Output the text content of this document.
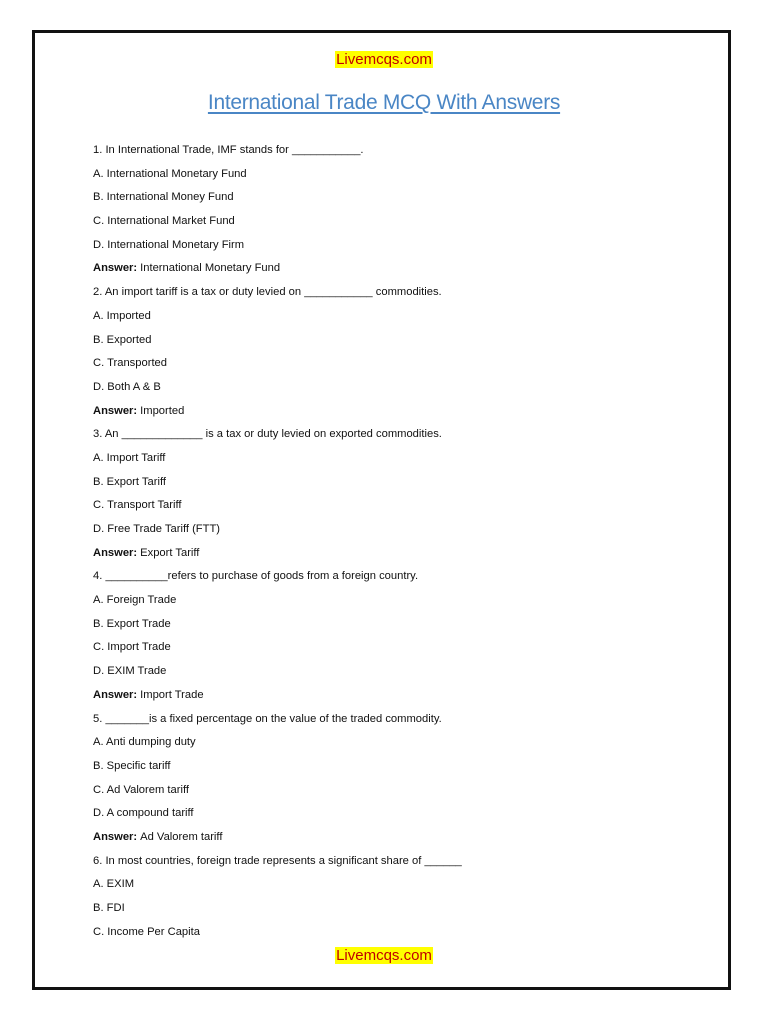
Livemcqs.com
International Trade MCQ With Answers
1. In International Trade, IMF stands for ___________.
A. International Monetary Fund
B. International Money Fund
C. International Market Fund
D. International Monetary Firm
Answer: International Monetary Fund
2. An import tariff is a tax or duty levied on ___________ commodities.
A. Imported
B. Exported
C. Transported
D. Both A & B
Answer: Imported
3. An _____________ is a tax or duty levied on exported commodities.
A. Import Tariff
B. Export Tariff
C. Transport Tariff
D. Free Trade Tariff (FTT)
Answer: Export Tariff
4. __________refers to purchase of goods from a foreign country.
A. Foreign Trade
B. Export Trade
C. Import Trade
D. EXIM Trade
Answer: Import Trade
5. _______is a fixed percentage on the value of the traded commodity.
A. Anti dumping duty
B. Specific tariff
C. Ad Valorem tariff
D. A compound tariff
Answer: Ad Valorem tariff
6. In most countries, foreign trade represents a significant share of ______
A. EXIM
B. FDI
C. Income Per Capita
Livemcqs.com
